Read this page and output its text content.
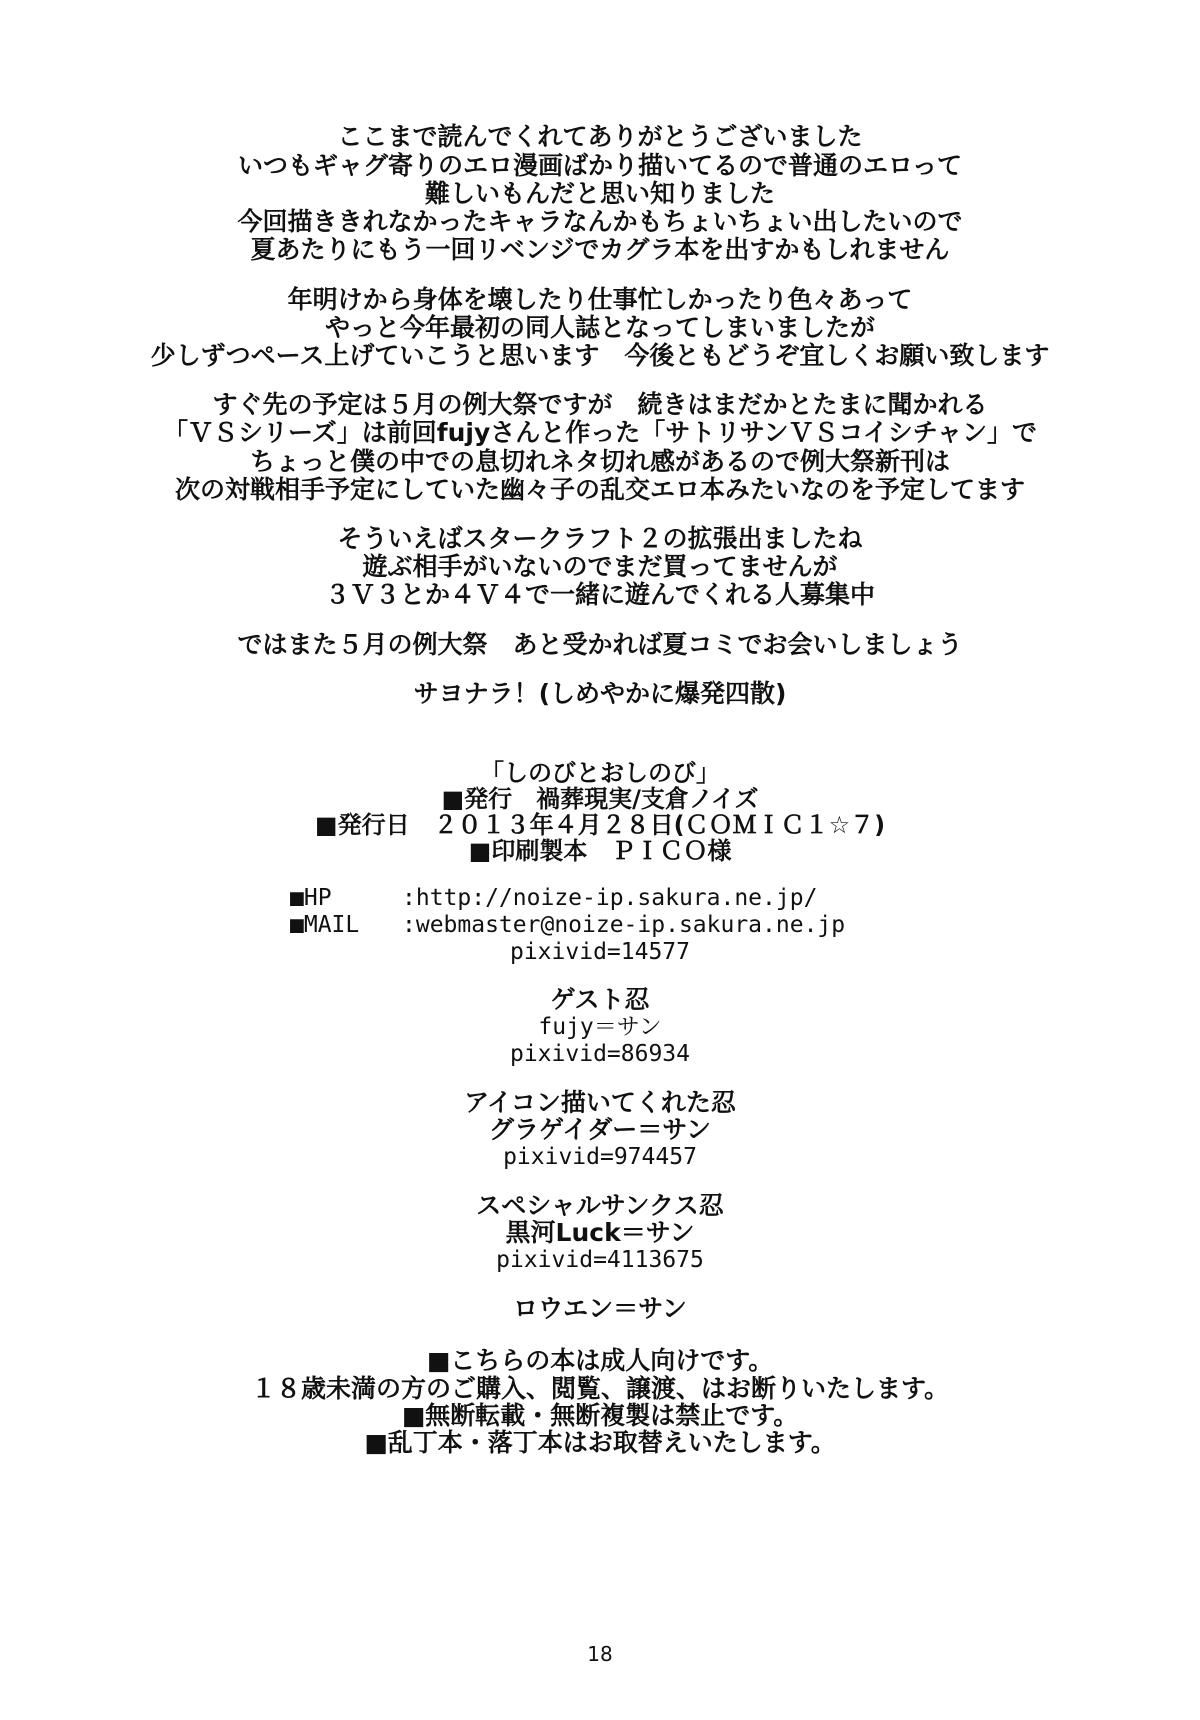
ここまで読んでくれてありがとうございました
いつもギャグ寄りのエロ漫画ばかり描いてるので普通のエロって
難しいもんだと思い知りました
今回描ききれなかったキャラなんかもちょいちょい出したいので
夏あたりにもう一回リベンジでカグラ本を出すかもしれません
年明けから身体を壊したり仕事忙しかったり色々あって
やっと今年最初の同人誌となってしまいましたが
少しずつペース上げていこうと思います　今後ともどうぞ宜しくお願い致します
すぐ先の予定は５月の例大祭ですが　続きはまだかとたまに聞かれる
「ＶＳシリーズ」は前回fujyさんと作った「サトリサンＶＳコイシチャン」で
ちょっと僕の中での息切れネタ切れ感があるので例大祭新刊は
次の対戦相手予定にしていた幽々子の乱交エロ本みたいなのを予定してます
そういえばスタークラフト２の拡張出ましたね
遊ぶ相手がいないのでまだ買ってませんが
３Ｖ３とか４Ｖ４で一緒に遊んでくれる人募集中
ではまた５月の例大祭　あと受かれば夏コミでお会いしましょう
サヨナラ！(しめやかに爆発四散)
「しのびとおしのび」
■発行　禍葬現実/支倉ノイズ
■発行日　２０１３年４月２８日(ＣＯＭＩＣ１☆７)
■印刷製本　ＰＩＣＯ様
■HP	:http://noize-ip.sakura.ne.jp/
■MAIL :webmaster@noize-ip.sakura.ne.jp
pixivid=14577
ゲスト忍
fujy＝サン
pixivid=86934
アイコン描いてくれた忍
グラゲイダー＝サン
pixivid=974457
スペシャルサンクス忍
黒河Luck＝サン
pixivid=4113675
ロウエン＝サン
■こちらの本は成人向けです。
１８歳未満の方のご購入、閲覧、譲渡、はお断りいたします。
■無断転載・無断複製は禁止です。
■乱丁本・落丁本はお取替えいたします。
18
